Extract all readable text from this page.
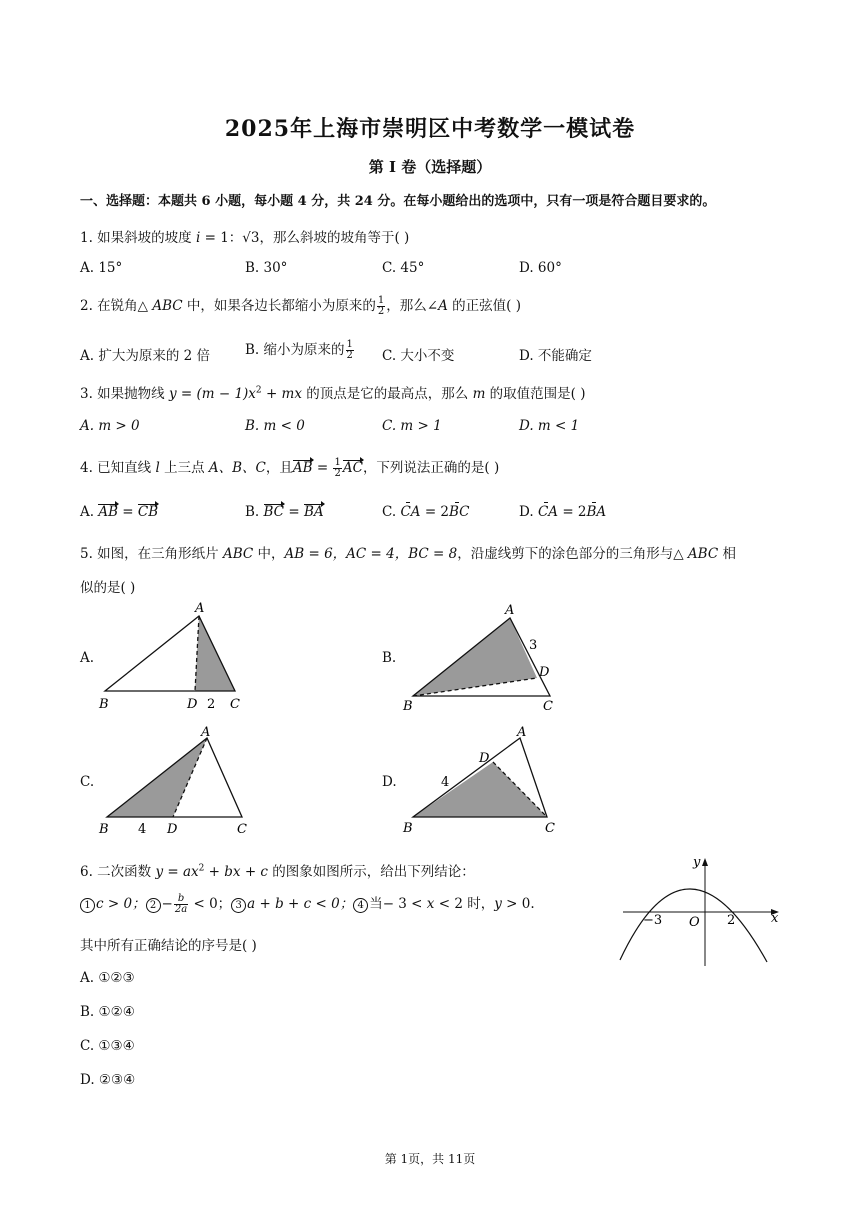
2025年上海市崇明区中考数学一模试卷
第 I 卷（选择题）
一、选择题：本题共 6 小题，每小题 4 分，共 24 分。在每小题给出的选项中，只有一项是符合题目要求的。
1. 如果斜坡的坡度 i = 1：√3，那么斜坡的坡角等于( )
A. 15°	B. 30°	C. 45°	D. 60°
2. 在锐角△ ABC 中，如果各边长都缩小为原来的 $\frac{1}{2}$ ，那么∠A 的正弦值( )
A. 扩大为原来的 2 倍	B. 缩小为原来的 $\frac{1}{2} C$. 大小不变	D. 不能确定
3. 如果抛物线 $y = (m - 1)x^2$ + mx 的顶点是它的最高点，那么 m 的取值范围是( )
A. m > 0	B. m < 0	C. m > 1	D. m < 1
4. 已知直线 l 上三点 A、B、C，且AB = $\frac{1}{2}$ AC，下列说法正确的是( )
A. AB = CB	B. BC = BA	C. CA = 2BC	D. CA = 2BA
5. 如图，在三角形纸片 ABC 中，AB = 6，AC = 4，BC = 8，沿虚线剪下的涂色部分的三角形与△ ABC 相
似的是( )
A.	B.
C.	D.
A
B	D 2 C
A
3
D
B	C
A
B 4 D	C
A
D
4
B	C
6. 二次函数 $y = ax^2$ + bx + c 的图象如图所示，给出下列结论：
1 c > 0； $2 - \frac{b}{2a} < 0$； 3 a + b + c < 0； 4 当− 3 < x < 2 时，y > 0.
其中所有正确结论的序号是( )
A. ①②③
B. ①②④
C. ①③④
D. ②③④
y
x
O
−3	2
第 1页，共 11页
